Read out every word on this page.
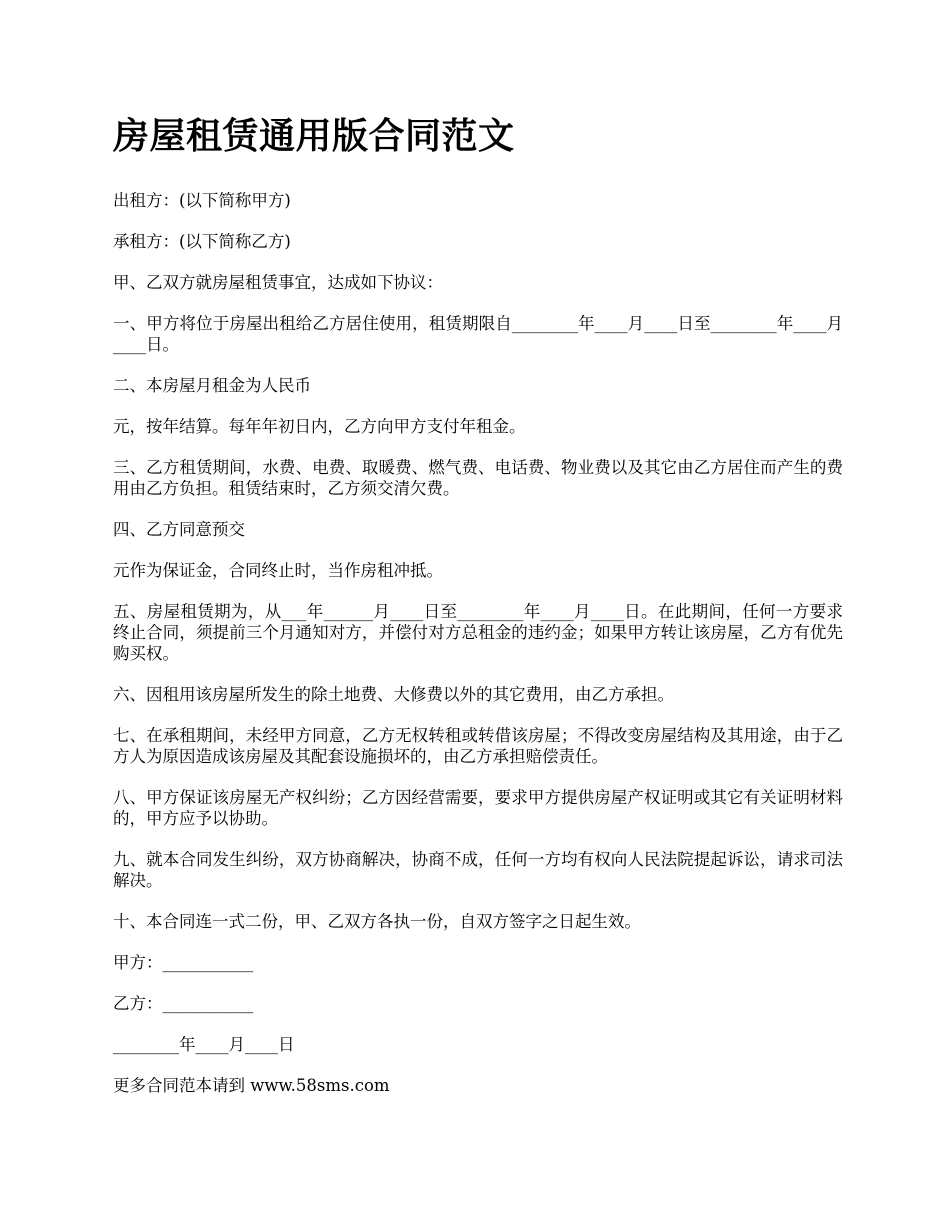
房屋租赁通用版合同范文

出租方：(以下简称甲方)

承租方：(以下简称乙方)

甲、乙双方就房屋租赁事宜，达成如下协议：

一、甲方将位于房屋出租给乙方居住使用，租赁期限自________年____月____日至________年____月____日。

二、本房屋月租金为人民币

元，按年结算。每年年初日内，乙方向甲方支付年租金。

三、乙方租赁期间，水费、电费、取暖费、燃气费、电话费、物业费以及其它由乙方居住而产生的费用由乙方负担。租赁结束时，乙方须交清欠费。

四、乙方同意预交

元作为保证金，合同终止时，当作房租冲抵。

五、房屋租赁期为，从___年______月____日至________年____月____日。在此期间，任何一方要求终止合同，须提前三个月通知对方，并偿付对方总租金的违约金；如果甲方转让该房屋，乙方有优先购买权。

六、因租用该房屋所发生的除土地费、大修费以外的其它费用，由乙方承担。

七、在承租期间，未经甲方同意，乙方无权转租或转借该房屋；不得改变房屋结构及其用途，由于乙方人为原因造成该房屋及其配套设施损坏的，由乙方承担赔偿责任。

八、甲方保证该房屋无产权纠纷；乙方因经营需要，要求甲方提供房屋产权证明或其它有关证明材料的，甲方应予以协助。

九、就本合同发生纠纷，双方协商解决，协商不成，任何一方均有权向人民法院提起诉讼，请求司法解决。

十、本合同连一式二份，甲、乙双方各执一份，自双方签字之日起生效。

甲方：___________

乙方：___________

________年____月____日

更多合同范本请到 www.58sms.com
